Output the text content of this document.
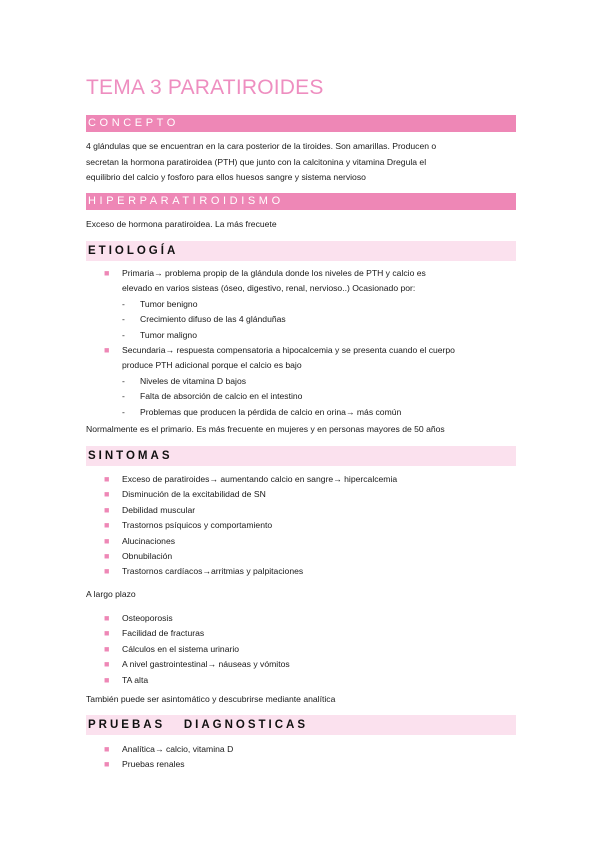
TEMA 3 PARATIROIDES
CONCEPTO
4 glándulas que se encuentran en la cara posterior de la tiroides. Son amarillas. Producen o
secretan la hormona paratiroidea (PTH) que junto con la calcitonina y vitamina Dregula el
equilibrio del calcio y fosforo para ellos huesos sangre y sistema nervioso
HIPERPARATIROIDISMO
Exceso de hormona paratiroidea. La más frecuete
ETIOLOGÍA
■ Primaria→ problema propip de la glándula donde los niveles de PTH y calcio es
elevado en varios sisteas (óseo, digestivo, renal, nervioso..) Ocasionado por:
- Tumor benigno
- Crecimiento difuso de las 4 glánduñas
- Tumor maligno
■ Secundaria→ respuesta compensatoria a hipocalcemia y se presenta cuando el cuerpo
produce PTH adicional porque el calcio es bajo
- Niveles de vitamina D bajos
- Falta de absorción de calcio en el intestino
- Problemas que producen la pérdida de calcio en orina→ más común
Normalmente es el primario. Es más frecuente en mujeres y en personas mayores de 50 años
SINTOMAS
■ Exceso de paratiroides→ aumentando calcio en sangre→ hipercalcemia
■ Disminución de la excitabilidad de SN
■ Debilidad muscular
■ Trastornos psíquicos y comportamiento
■ Alucinaciones
■ Obnubilación
■ Trastornos cardíacos→arritmias y palpitaciones
A largo plazo
■ Osteoporosis
■ Facilidad de fracturas
■ Cálculos en el sistema urinario
■ A nivel gastrointestinal→ náuseas y vómitos
■ TA alta
También puede ser asintomático y descubrirse mediante analítica
PRUEBAS   DIAGNOSTICAS
■ Analítica→ calcio, vitamina D
■ Pruebas renales
